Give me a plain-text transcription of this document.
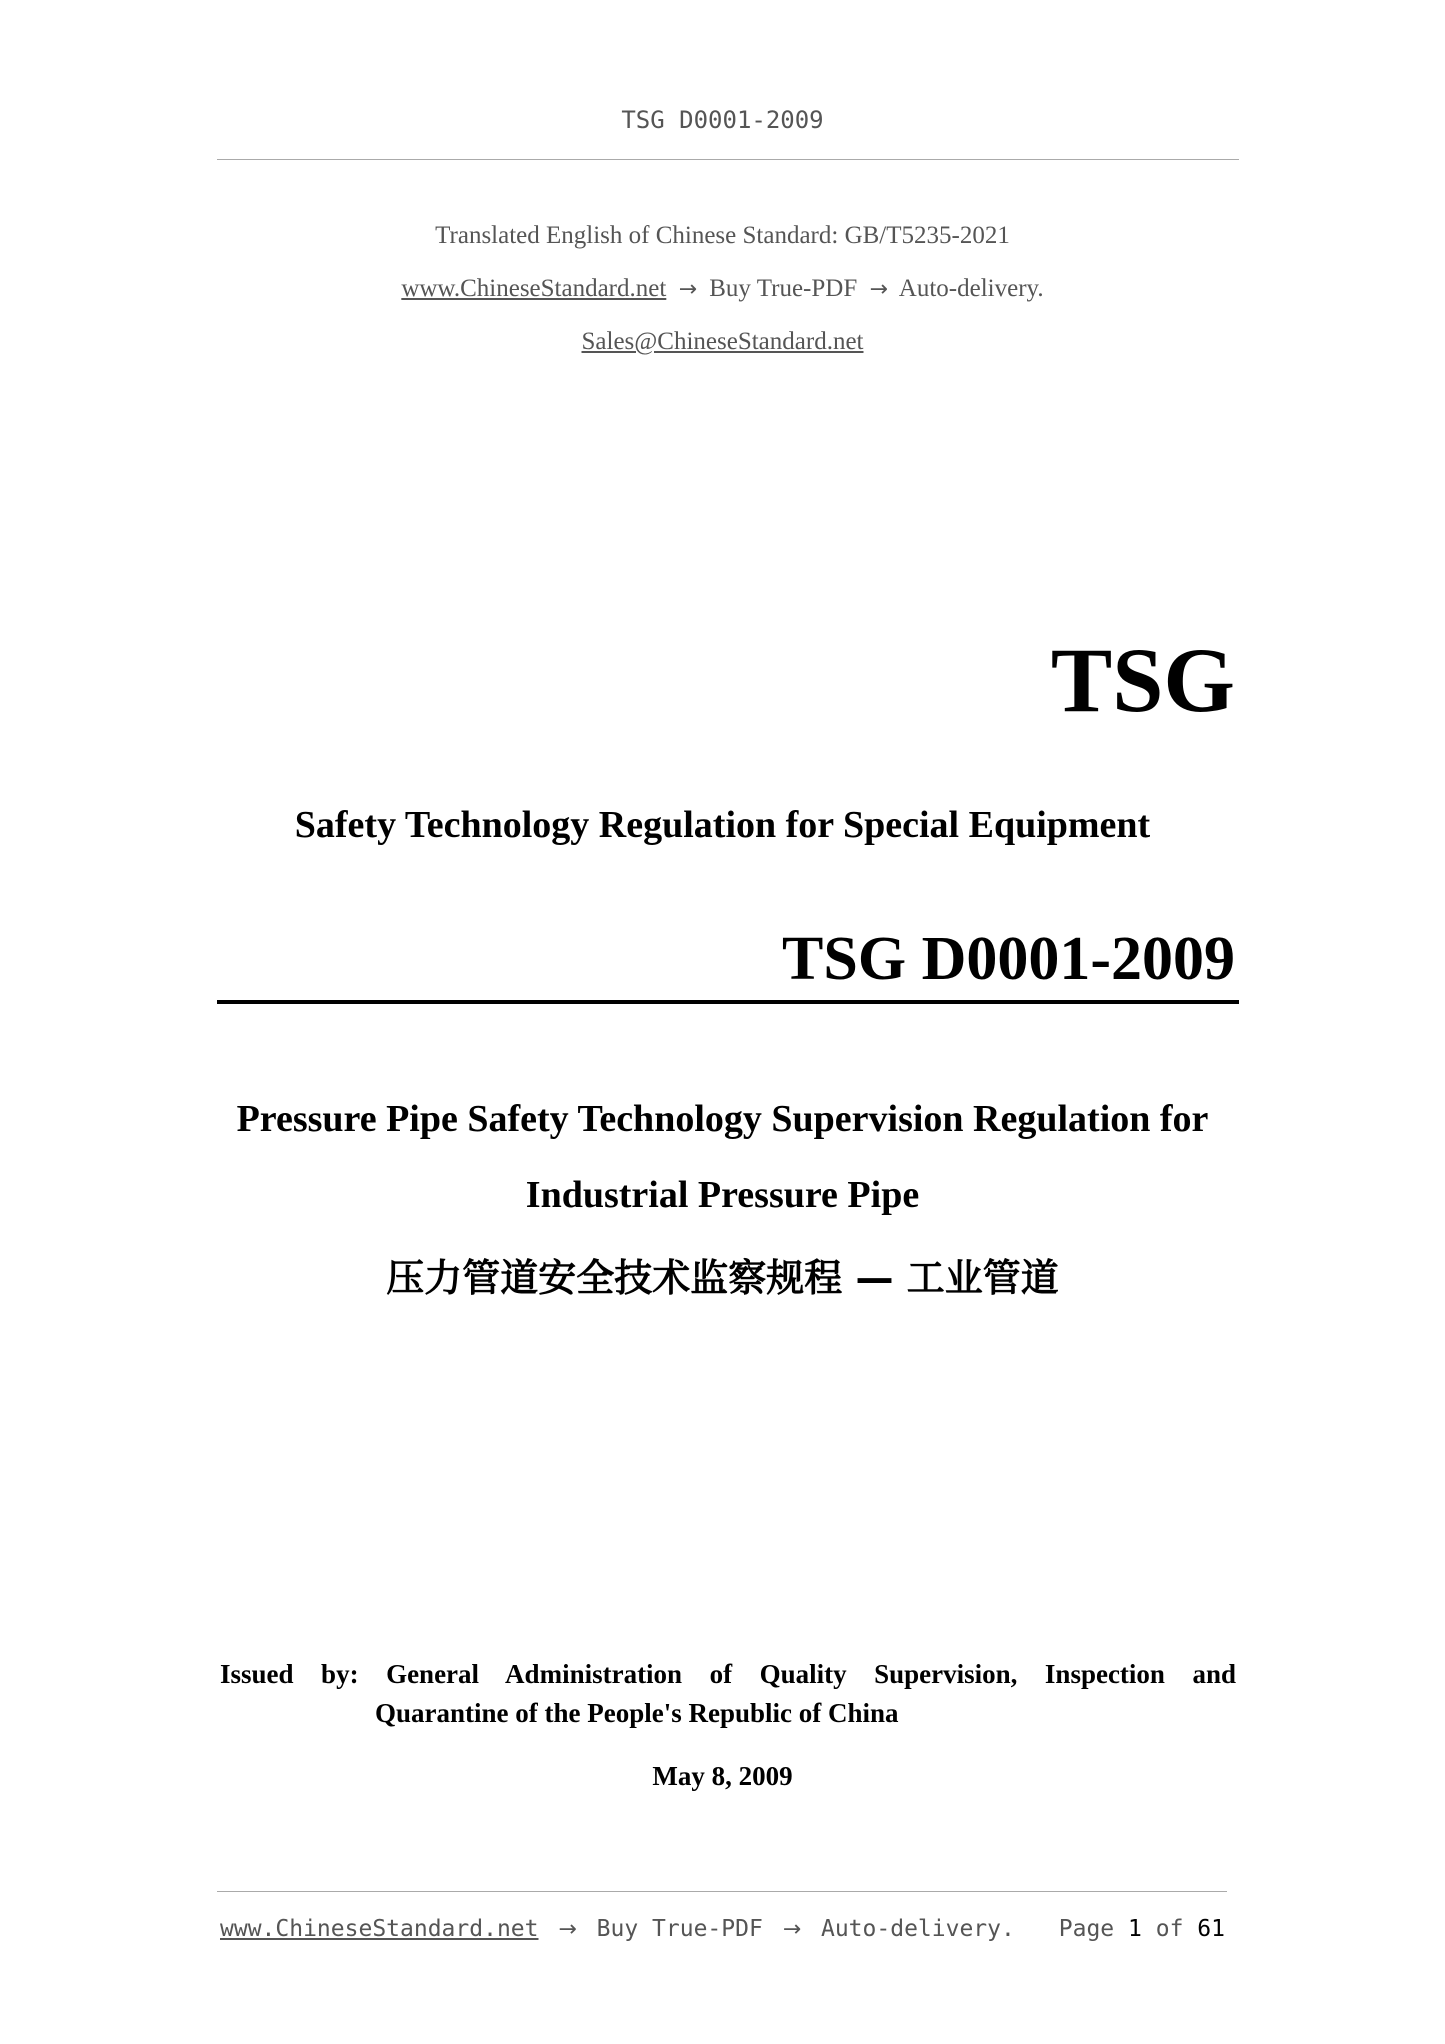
TSG D0001-2009
Translated English of Chinese Standard: GB/T5235-2021
www.ChineseStandard.net → Buy True-PDF → Auto-delivery.
Sales@ChineseStandard.net
TSG
Safety Technology Regulation for Special Equipment
TSG D0001-2009
Pressure Pipe Safety Technology Supervision Regulation for
Industrial Pressure Pipe
压力管道安全技术监察规程 — 工业管道
Issued by: General Administration of Quality Supervision, Inspection and
Quarantine of the People's Republic of China
May 8, 2009
www.ChineseStandard.net → Buy True-PDF → Auto-delivery. Page 1 of 61
